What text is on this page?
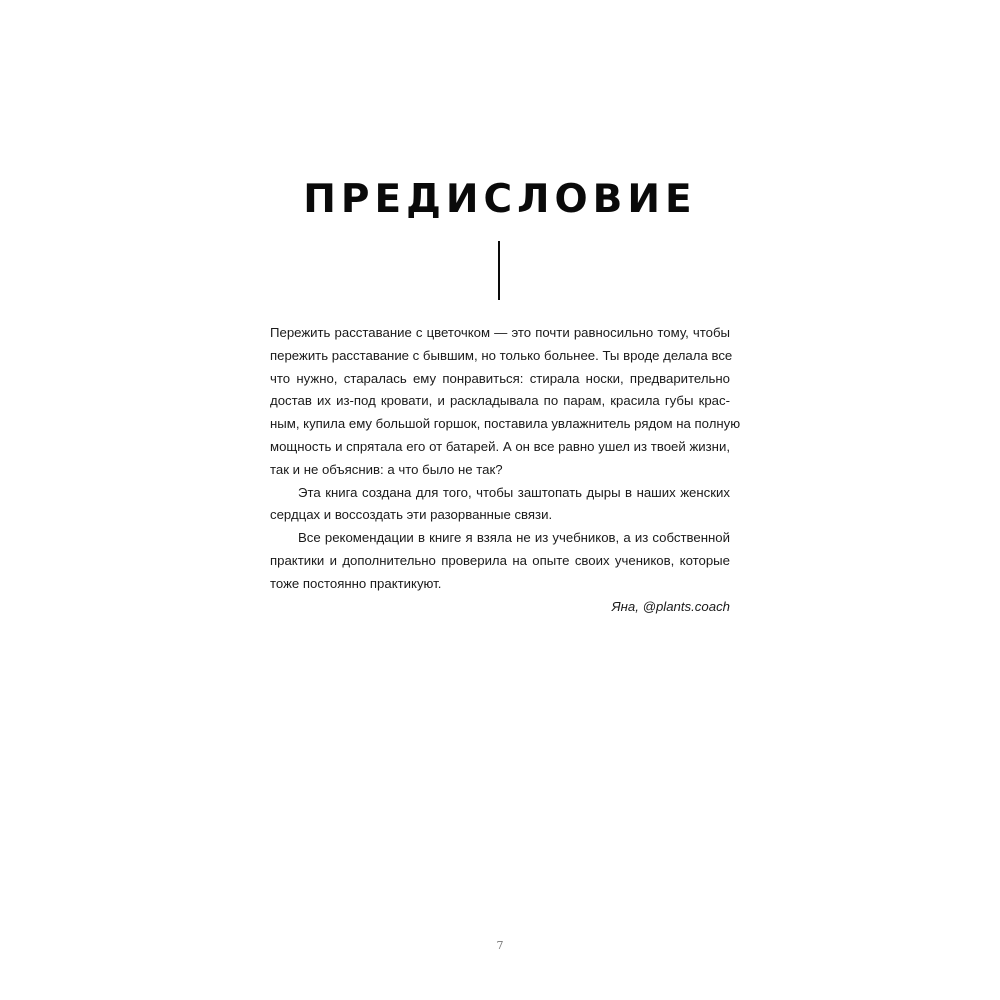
ПРЕДИСЛОВИЕ

Пережить расставание с цветочком — это почти равносильно тому, чтобы
пережить расставание с бывшим, но только больнее. Ты вроде делала все
что нужно, старалась ему понравиться: стирала носки, предварительно
достав их из-под кровати, и раскладывала по парам, красила губы крас-
ным, купила ему большой горшок, поставила увлажнитель рядом на полную
мощность и спрятала его от батарей. А он все равно ушел из твоей жизни,
так и не объяснив: а что было не так?

Эта книга создана для того, чтобы заштопать дыры в наших женских
сердцах и воссоздать эти разорванные связи.

Все рекомендации в книге я взяла не из учебников, а из собственной
практики и дополнительно проверила на опыте своих учеников, которые
тоже постоянно практикуют.

Яна, @plants.coach
7
